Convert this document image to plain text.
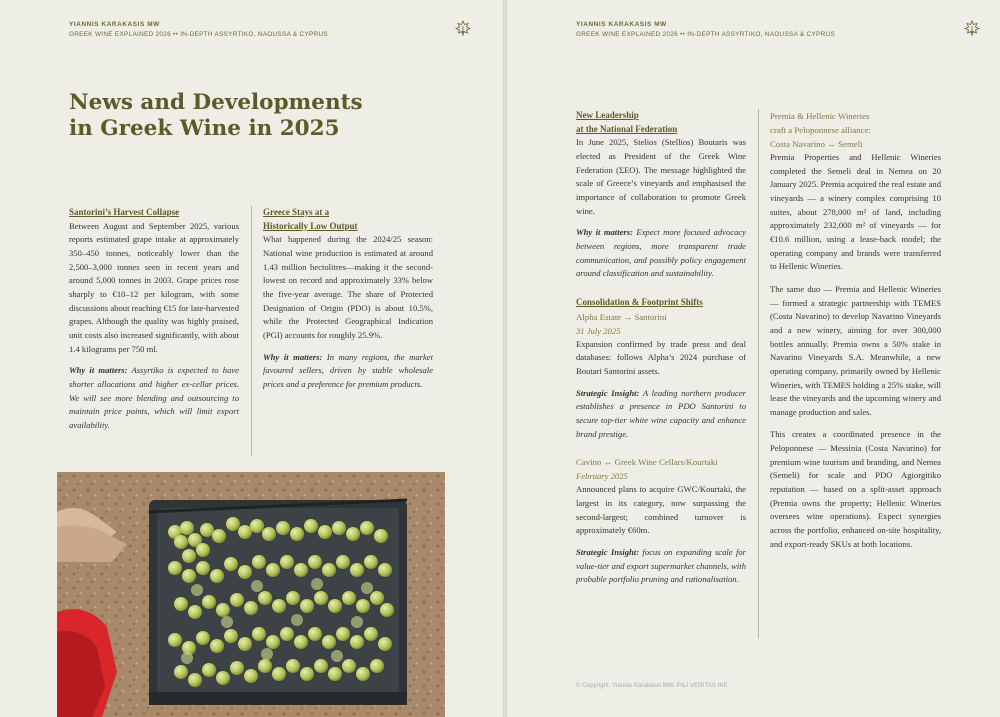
YIANNIS KARAKASIS MW
GREEK WINE EXPLAINED 2026 •• IN-DEPTH ASSYRTIKO, NAOUSSA & CYPRUS
News and Developments
in Greek Wine in 2025
Santorini’s Harvest Collapse

Between August and September 2025, various reports estimated grape intake at approximately 350–450 tonnes, noticeably lower than the 2,500–3,000 tonnes seen in recent years and around 5,000 tonnes in 2003. Grape prices rose sharply to €10–12 per kilogram, with some discussions about reaching €15 for late-harvested grapes. Although the quality was highly praised, unit costs also increased significantly, with about 1.4 kilograms per 750 ml.

Why it matters: Assyrtiko is expected to have shorter allocations and higher ex-cellar prices. We will see more blending and outsourcing to maintain price points, which will limit export availability.

Greece Stays at a
Historically Low Output

What happened during the 2024/25 season: National wine production is estimated at around 1.43 million hectolitres—making it the second-lowest on record and approximately 33% below the five-year average. The share of Protected Designation of Origin (PDO) is about 10.5%, while the Protected Geographical Indication (PGI) accounts for roughly 25.9%.

Why it matters: In many regions, the market favoured sellers, driven by stable wholesale prices and a preference for premium products.

YIANNIS KARAKASIS MW
GREEK WINE EXPLAINED 2026 •• IN-DEPTH ASSYRTIKO, NAOUSSA & CYPRUS
New Leadership
at the National Federation

In June 2025, Stelios (Stellios) Boutaris was elected as President of the Greek Wine Federation (ΣΕΟ). The message highlighted the scale of Greece’s vineyards and emphasised the importance of collaboration to promote Greek wine.

Why it matters: Expect more focused advocacy between regions, more transparent trade communication, and possibly policy engagement around classification and sustainability.

Consolidation & Footprint Shifts
Alpha Estate → Santorini
31 July 2025

Expansion confirmed by trade press and deal databases: follows Alpha’s 2024 purchase of Boutari Santorini assets.

Strategic Insight: A leading northern producer establishes a presence in PDO Santorini to secure top-tier white wine capacity and enhance brand prestige.

Cavino ↔ Greek Wine Cellars/Kourtaki
February 2025

Announced plans to acquire GWC/Kourtaki, the largest in its category, now surpassing the second-largest; combined turnover is approximately €60m.

Strategic Insight: focus on expanding scale for value-tier and export supermarket channels, with probable portfolio pruning and rationalisation.

Premia & Hellenic Wineries
craft a Peloponnese alliance:
Costa Navarino ↔ Semeli

Premia Properties and Hellenic Wineries completed the Semeli deal in Nemea on 20 January 2025. Premia acquired the real estate and vineyards — a winery complex comprising 10 suites, about 278,000 m² of land, including approximately 232,000 m² of vineyards — for €10.6 million, using a lease-back model; the operating company and brands were transferred to Hellenic Wineries.

The same duo — Premia and Hellenic Wineries — formed a strategic partnership with TEMES (Costa Navarino) to develop Navarino Vineyards and a new winery, aiming for over 300,000 bottles annually. Premia owns a 50% stake in Navarino Vineyards S.A. Meanwhile, a new operating company, primarily owned by Hellenic Wineries, with TEMES holding a 25% stake, will lease the vineyards and the upcoming winery and manage production and sales.

This creates a coordinated presence in the Peloponnese — Messinia (Costa Navarino) for premium wine tourism and branding, and Nemea (Semeli) for scale and PDO Agiorgitiko reputation — based on a split-asset approach (Premia owns the property; Hellenic Wineries oversees wine operations). Expect synergies across the portfolio, enhanced on-site hospitality, and export-ready SKUs at both locations.

© Copyright: Yiannis Karakasis MW. P&J VERITAS IKE
